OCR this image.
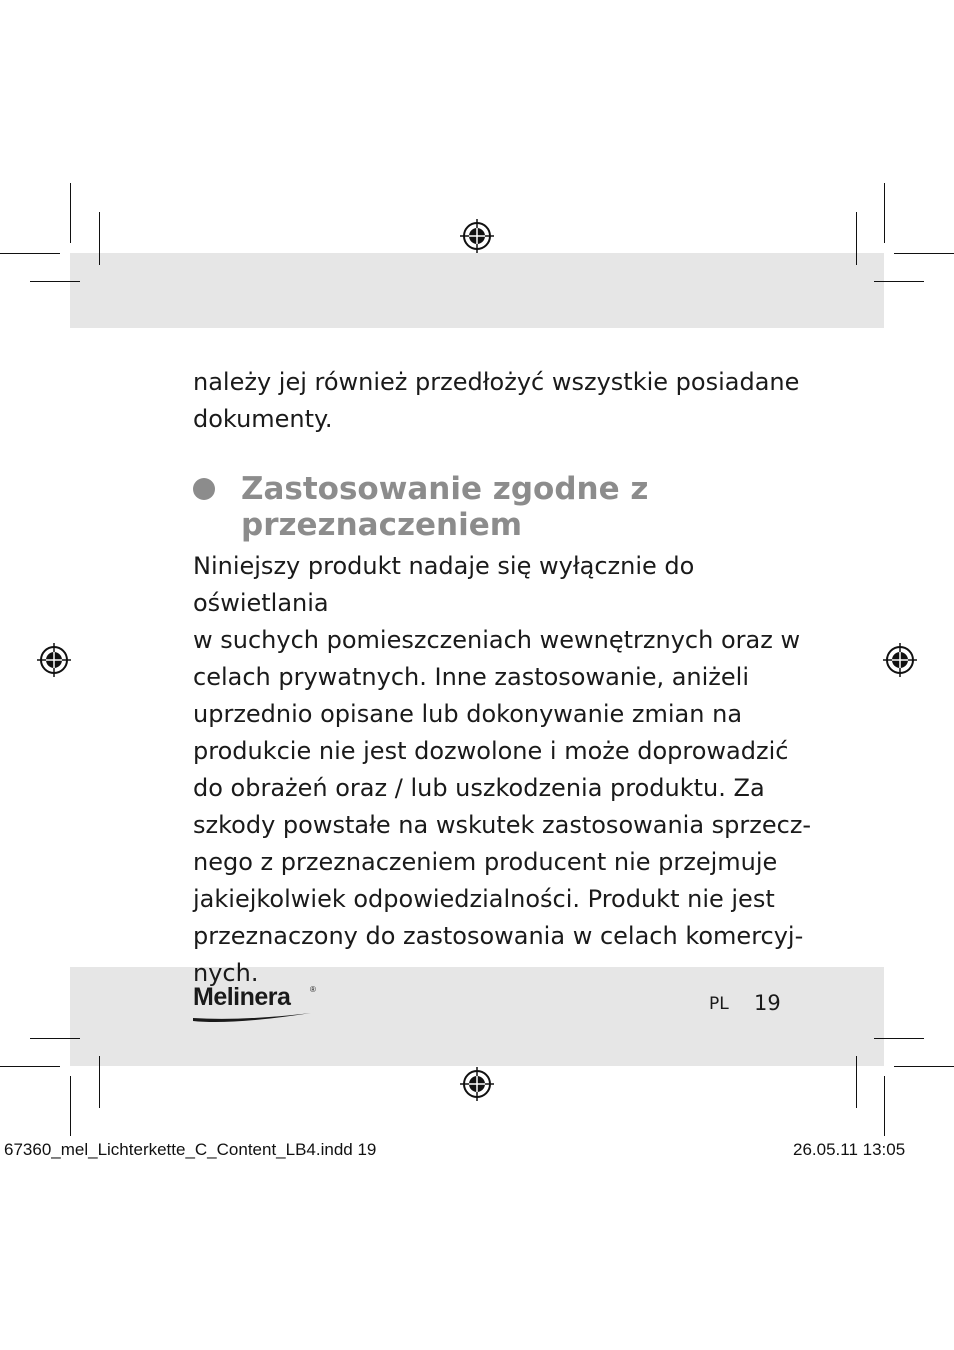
należy jej również przedłożyć wszystkie posiadane
dokumenty.

Zastosowanie zgodne z
przeznaczeniem

Niniejszy produkt nadaje się wyłącznie do oświetlania
w suchych pomieszczeniach wewnętrznych oraz w
celach prywatnych. Inne zastosowanie, aniżeli
uprzednio opisane lub dokonywanie zmian na
produkcie nie jest dozwolone i może doprowadzić
do obrażeń oraz / lub uszkodzenia produktu. Za
szkody powstałe na wskutek zastosowania sprzecz-
nego z przeznaczeniem producent nie przejmuje
jakiejkolwiek odpowiedzialności. Produkt nie jest
przeznaczony do zastosowania w celach komercyj-
nych.

Melinera ®
PL 19
67360_mel_Lichterkette_C_Content_LB4.indd 19	26.05.11 13:05
